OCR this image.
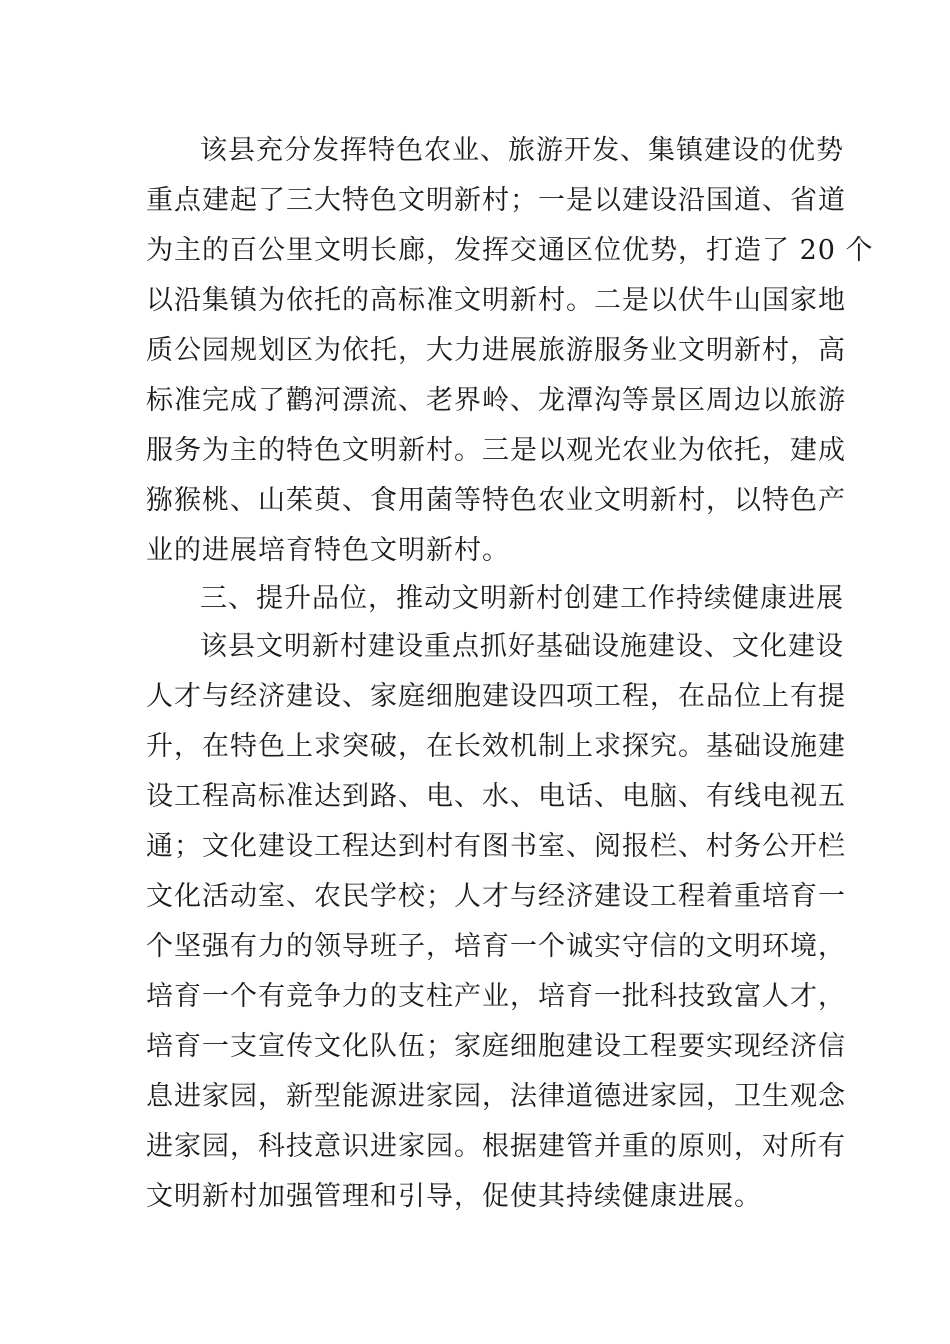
该县充分发挥特色农业、旅游开发、集镇建设的优势
重点建起了三大特色文明新村；一是以建设沿国道、省道
为主的百公里文明长廊，发挥交通区位优势，打造了 20 个
以沿集镇为依托的高标准文明新村。二是以伏牛山国家地
质公园规划区为依托，大力进展旅游服务业文明新村，高
标准完成了鹳河漂流、老界岭、龙潭沟等景区周边以旅游
服务为主的特色文明新村。三是以观光农业为依托，建成
猕猴桃、山茱萸、食用菌等特色农业文明新村，以特色产
业的进展培育特色文明新村。
三、提升品位，推动文明新村创建工作持续健康进展
该县文明新村建设重点抓好基础设施建设、文化建设
人才与经济建设、家庭细胞建设四项工程，在品位上有提
升，在特色上求突破，在长效机制上求探究。基础设施建
设工程高标准达到路、电、水、电话、电脑、有线电视五
通；文化建设工程达到村有图书室、阅报栏、村务公开栏
文化活动室、农民学校；人才与经济建设工程着重培育一
个坚强有力的领导班子，培育一个诚实守信的文明环境，
培育一个有竞争力的支柱产业，培育一批科技致富人才，
培育一支宣传文化队伍；家庭细胞建设工程要实现经济信
息进家园，新型能源进家园，法律道德进家园，卫生观念
进家园，科技意识进家园。根据建管并重的原则，对所有
文明新村加强管理和引导，促使其持续健康进展。
